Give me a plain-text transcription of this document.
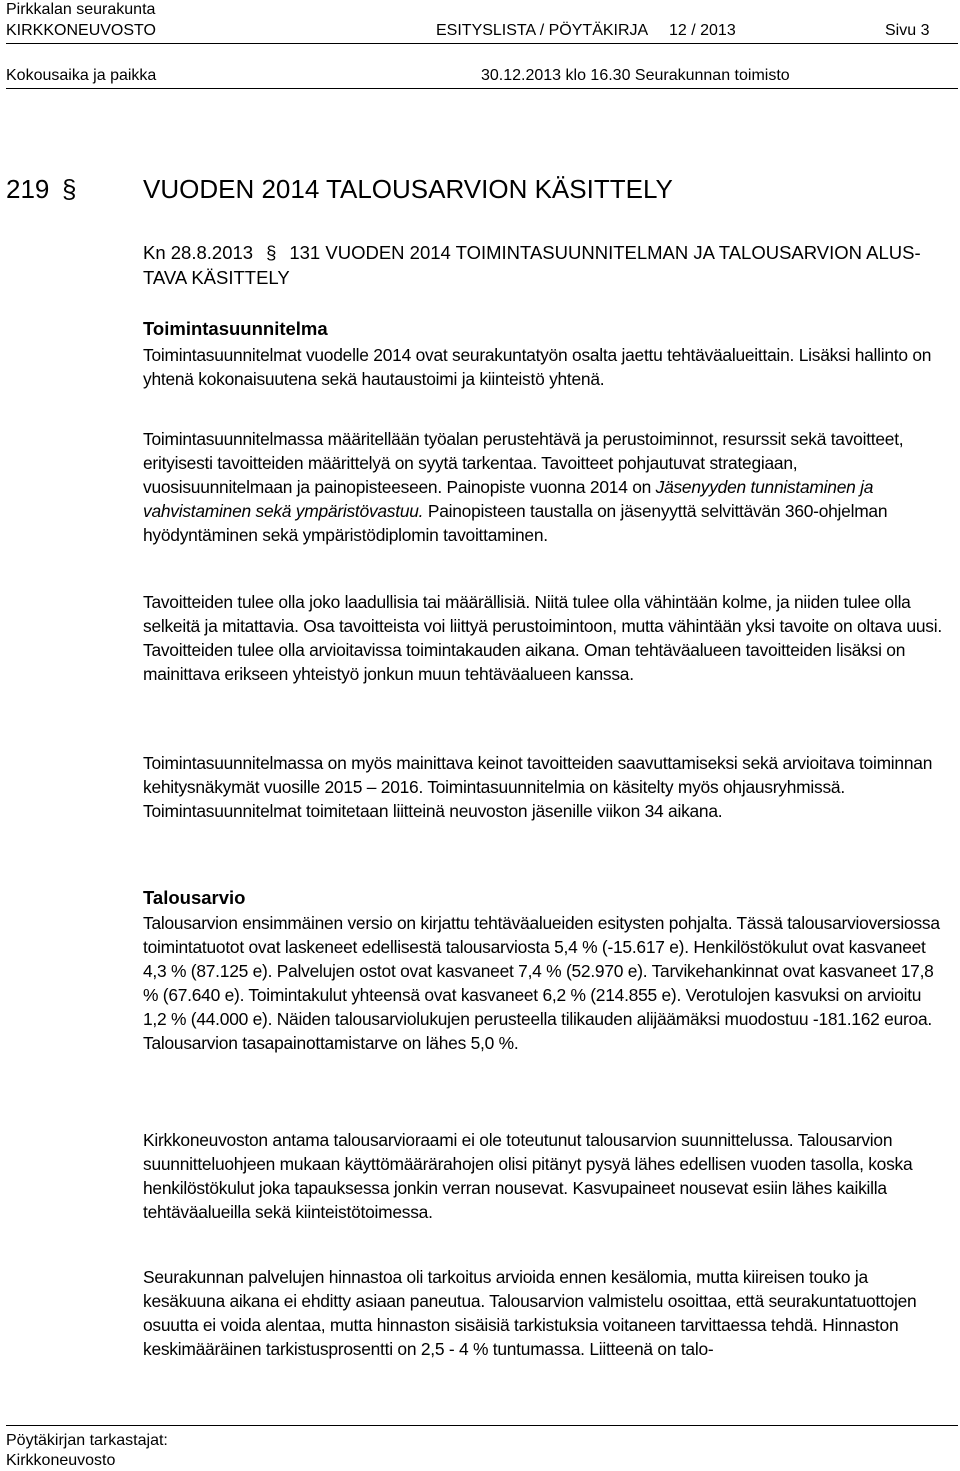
Pirkkalan seurakunta
KIRKKONEUVOSTO	ESITYSLISTA / PÖYTÄKIRJA 12 / 2013	Sivu 3
Kokousaika ja paikka	30.12.2013 klo 16.30 Seurakunnan toimisto
219 §	VUODEN 2014 TALOUSARVION KÄSITTELY
Kn 28.8.2013 § 131 VUODEN 2014 TOIMINTASUUNNITELMAN JA TALOUSARVION ALUS-
TAVA KÄSITTELY
Toimintasuunnitelma

Toimintasuunnitelmat vuodelle 2014 ovat seurakuntatyön osalta jaettu tehtäväalueittain. Lisäksi hallinto on yhtenä kokonaisuutena sekä hautaustoimi ja kiinteistö yhtenä.

Toimintasuunnitelmassa määritellään työalan perustehtävä ja perustoiminnot, resurssit sekä tavoitteet, erityisesti tavoitteiden määrittelyä on syytä tarkentaa. Tavoitteet pohjautuvat strategiaan, vuosisuunnitelmaan ja painopisteeseen. Painopiste vuonna 2014 on Jäsenyyden tunnistaminen ja vahvistaminen sekä ympäristövastuu. Painopisteen taustalla on jäsenyyttä selvittävän 360-ohjelman hyödyntäminen sekä ympäristödiplomin tavoittaminen.

Tavoitteiden tulee olla joko laadullisia tai määrällisiä. Niitä tulee olla vähintään kolme, ja niiden tulee olla selkeitä ja mitattavia. Osa tavoitteista voi liittyä perustoimintoon, mutta vähintään yksi tavoite on oltava uusi. Tavoitteiden tulee olla arvioitavissa toimintakauden aikana. Oman tehtäväalueen tavoitteiden lisäksi on mainittava erikseen yhteistyö jonkun muun tehtäväalueen kanssa.

Toimintasuunnitelmassa on myös mainittava keinot tavoitteiden saavuttamiseksi sekä arvioitava toiminnan kehitysnäkymät vuosille 2015 – 2016. Toimintasuunnitelmia on käsitelty myös ohjausryhmissä.

Toimintasuunnitelmat toimitetaan liitteinä neuvoston jäsenille viikon 34 aikana.

Talousarvio

Talousarvion ensimmäinen versio on kirjattu tehtäväalueiden esitysten pohjalta. Tässä talousarvioversiossa toimintatuotot ovat laskeneet edellisestä talousarviosta 5,4 % (-15.617 e). Henkilöstökulut ovat kasvaneet 4,3 % (87.125 e). Palvelujen ostot ovat kasvaneet 7,4 % (52.970 e). Tarvikehankinnat ovat kasvaneet 17,8 % (67.640 e). Toimintakulut yhteensä ovat kasvaneet 6,2 % (214.855 e). Verotulojen kasvuksi on arvioitu 1,2 % (44.000 e). Näiden talousarviolukujen perusteella tilikauden alijäämäksi muodostuu -181.162 euroa. Talousarvion tasapainottamistarve on lähes 5,0 %.

Kirkkoneuvoston antama talousarvioraami ei ole toteutunut talousarvion suunnittelussa. Talousarvion suunnitteluohjeen mukaan käyttömäärärahojen olisi pitänyt pysyä lähes edellisen vuoden tasolla, koska henkilöstökulut joka tapauksessa jonkin verran nousevat. Kasvupaineet nousevat esiin lähes kaikilla tehtäväalueilla sekä kiinteistötoimessa.

Seurakunnan palvelujen hinnastoa oli tarkoitus arvioida ennen kesälomia, mutta kiireisen touko ja kesäkuuna aikana ei ehditty asiaan paneutua. Talousarvion valmistelu osoittaa, että seurakuntatuottojen osuutta ei voida alentaa, mutta hinnaston sisäisiä tarkistuksia voitaneen tarvittaessa tehdä. Hinnaston keskimääräinen tarkistusprosentti on 2,5 - 4 % tuntumassa. Liitteenä on talo-

Pöytäkirjan tarkastajat:
Kirkkoneuvosto
